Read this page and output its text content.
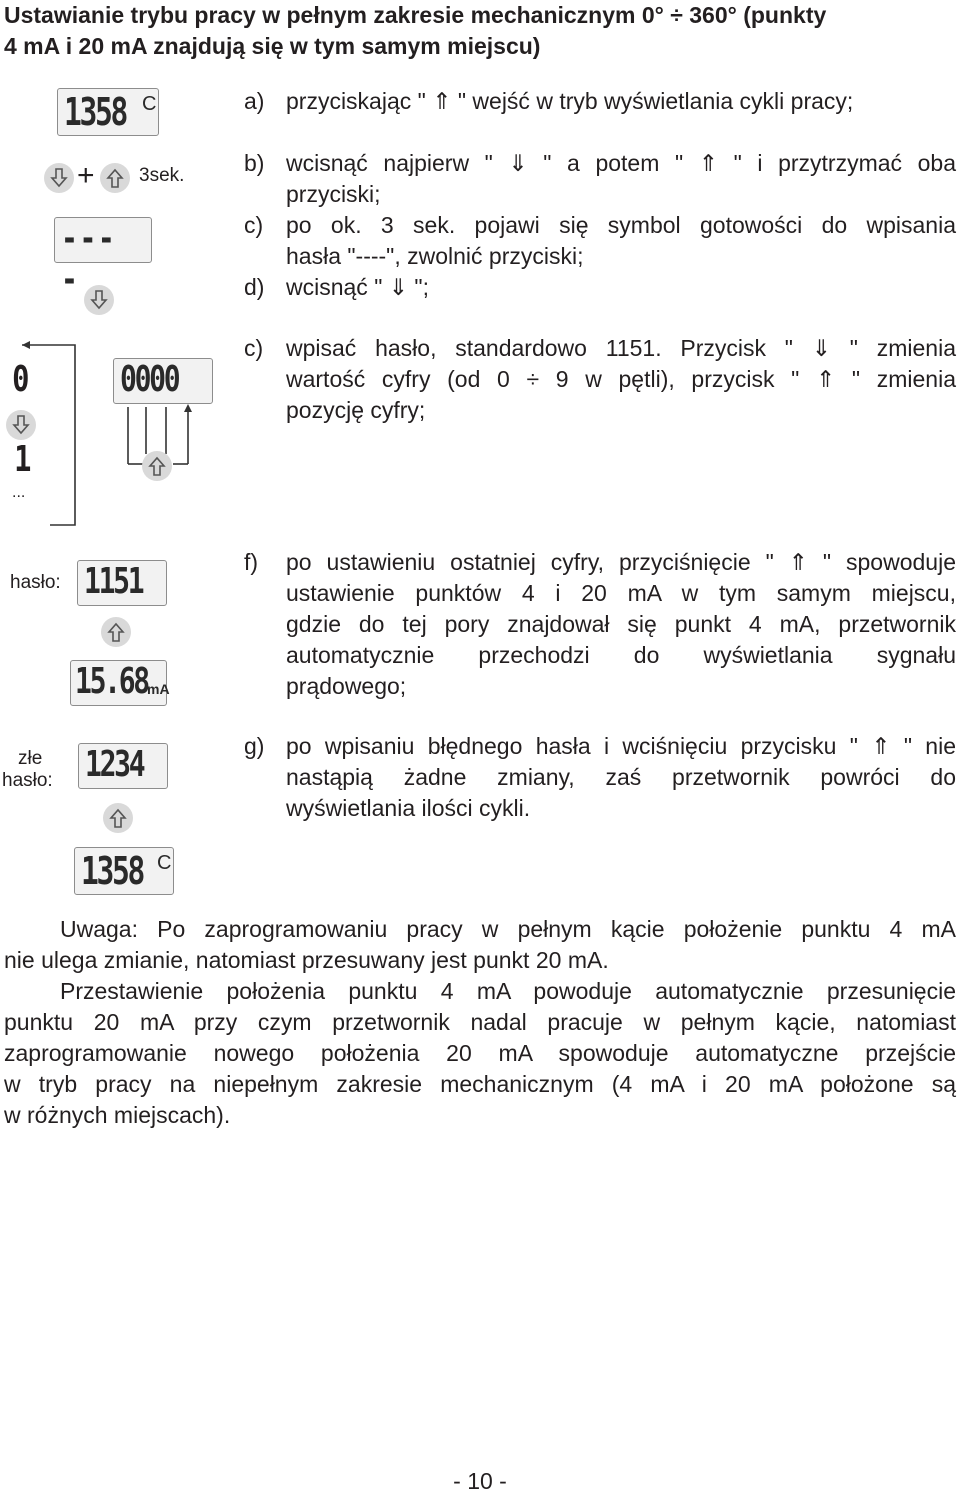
Ustawianie trybu pracy w pełnym zakresie mechanicznym 0° ÷ 360° (punkty
4 mA i 20 mA znajdują się w tym samym miejscu)
1358 C
+ 3sek.
----
0
1
...
0000
hasło: 1151
15.68 mA
złe
hasło: 1234
1358 C
a) przyciskając " ⇑ " wejść w tryb wyświetlania cykli pracy;
b) wcisnąć najpierw " ⇓ " a potem " ⇑ " i przytrzymać oba
przyciski;
c) po ok. 3 sek. pojawi się symbol gotowości do wpisania
hasła "----", zwolnić przyciski;
d) wcisnąć " ⇓ ";
c) wpisać hasło, standardowo 1151. Przycisk " ⇓ " zmienia
wartość cyfry (od 0 ÷ 9 w pętli), przycisk " ⇑ " zmienia
pozycję cyfry;
f) po ustawieniu ostatniej cyfry, przyciśnięcie " ⇑ " spowoduje
ustawienie punktów 4 i 20 mA w tym samym miejscu,
gdzie do tej pory znajdował się punkt 4 mA, przetwornik
automatycznie przechodzi do wyświetlania sygnału
prądowego;
g) po wpisaniu błędnego hasła i wciśnięciu przycisku " ⇑ " nie
nastąpią żadne zmiany, zaś przetwornik powróci do
wyświetlania ilości cykli.
Uwaga: Po zaprogramowaniu pracy w pełnym kącie położenie punktu 4 mA
nie ulega zmianie, natomiast przesuwany jest punkt 20 mA.
Przestawienie położenia punktu 4 mA powoduje automatycznie przesunięcie
punktu 20 mA przy czym przetwornik nadal pracuje w pełnym kącie, natomiast
zaprogramowanie nowego położenia 20 mA spowoduje automatyczne przejście
w tryb pracy na niepełnym zakresie mechanicznym (4 mA i 20 mA położone są
w różnych miejscach).
- 10 -
